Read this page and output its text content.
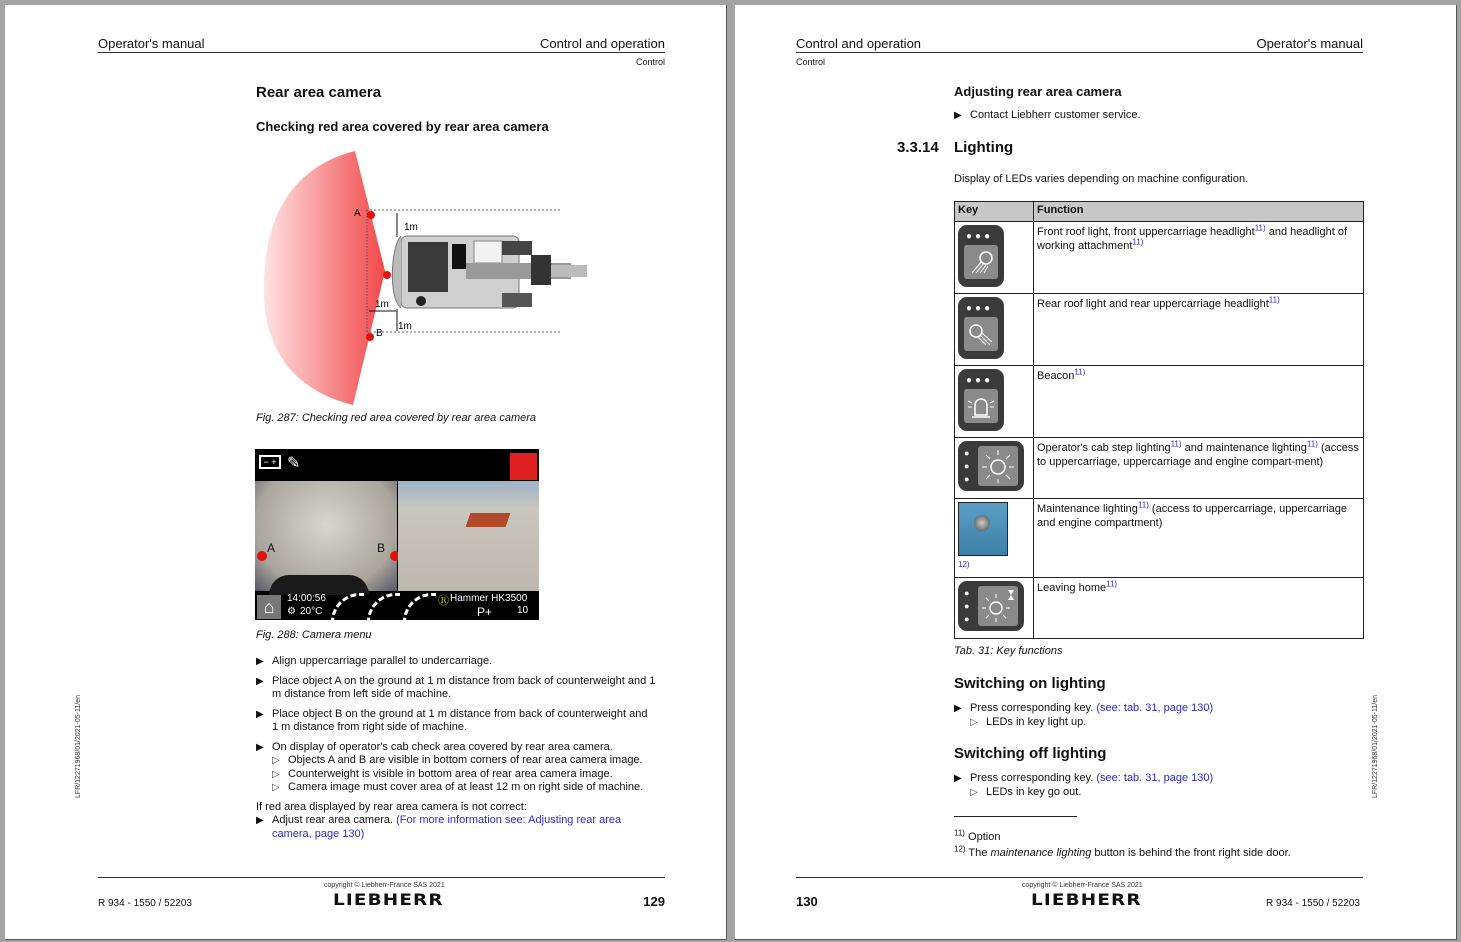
Operator's manual	Control and operation
Control
Rear area camera
Checking red area covered by rear area camera
1m
1m
1m
A
B
Fig. 287: Checking red area covered by rear area camera
− + ✎
A	B
⌂	14:00:56
⚙ 20°C
Ⓡ Hammer HK3500
P+ 10
Fig. 288: Camera menu
▶ Align uppercarriage parallel to undercarriage.
▶ Place object A on the ground at 1 m distance from back of counterweight and 1 m distance from left side of machine.
▶ Place object B on the ground at 1 m distance from back of counterweight and 1 m distance from right side of machine.
▶ On display of operator's cab check area covered by rear area camera.
▷ Objects A and B are visible in bottom corners of rear area camera image.
▷ Counterweight is visible in bottom area of rear area camera image.
▷ Camera image must cover area of at least 12 m on right side of machine.
If red area displayed by rear area camera is not correct:
▶ Adjust rear area camera. (For more information see: Adjusting rear area camera, page 130)
LFR/12271968/01/2021-05-11/en
copyright © Liebherr-France SAS 2021
LIEBHERR
R 934 - 1550 / 52203	129
Control and operation	Operator's manual
Control
Adjusting rear area camera
▶ Contact Liebherr customer service.
3.3.14 Lighting
Display of LEDs varies depending on machine configuration.
Key	Function

●●●	Front roof light, front uppercarriage headlight$^{11)}$ and headlight of working attachment$^{11)}$

●●●	Rear roof light and rear uppercarriage headlight$^{11)}$

●●●	Beacon$^{11)}$

●
●
●	Operator's cab step lighting$^{11)}$ and maintenance lighting$^{11)}$ (access to uppercarriage, uppercarriage and engine compart-ment)

12)	Maintenance lighting$^{11)}$ (access to uppercarriage, uppercarriage and engine compartment)

●
●
●	Leaving home$^{11)}$
Tab. 31: Key functions
Switching on lighting
▶ Press corresponding key. (see: tab. 31, page 130)
▷ LEDs in key light up.
Switching off lighting
▶ Press corresponding key. (see: tab. 31, page 130)
▷ LEDs in key go out.
$^{11)}$ Option
$^{12)}$ The maintenance lighting button is behind the front right side door.
LFR/12271968/01/2021-05-11/en
copyright © Liebherr-France SAS 2021
LIEBHERR
130	R 934 - 1550 / 52203
